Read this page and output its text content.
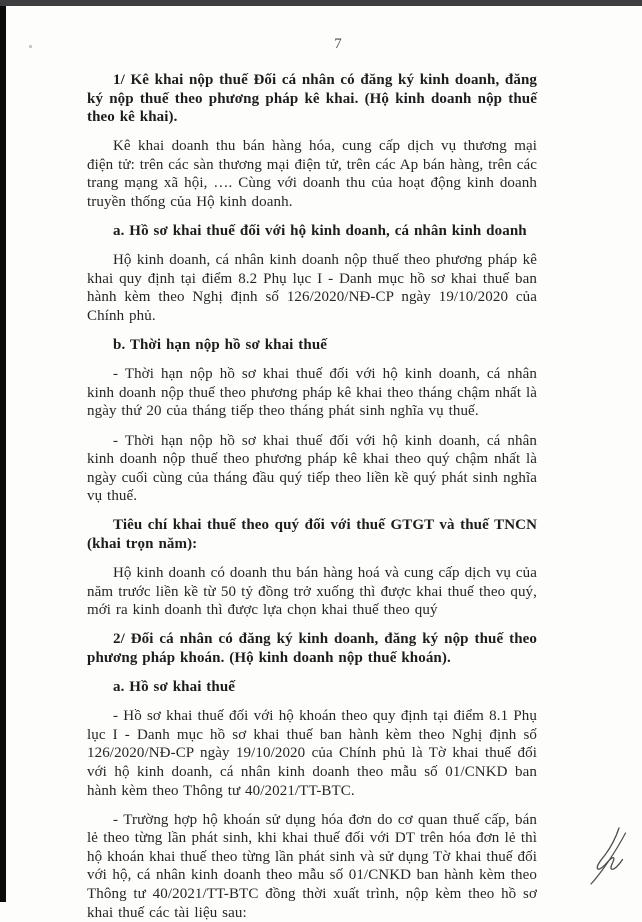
7

1/ Kê khai nộp thuế Đối cá nhân có đăng ký kinh doanh, đăng ký nộp thuế theo phương pháp kê khai. (Hộ kinh doanh nộp thuế theo kê khai).

Kê khai doanh thu bán hàng hóa, cung cấp dịch vụ thương mại điện tử: trên các sàn thương mại điện tử, trên các Ap bán hàng, trên các trang mạng xã hội, …. Cùng với doanh thu của hoạt động kinh doanh truyền thống của Hộ kinh doanh.

a. Hồ sơ khai thuế đối với hộ kinh doanh, cá nhân kinh doanh

Hộ kinh doanh, cá nhân kinh doanh nộp thuế theo phương pháp kê khai quy định tại điểm 8.2 Phụ lục I - Danh mục hồ sơ khai thuế ban hành kèm theo Nghị định số 126/2020/NĐ-CP ngày 19/10/2020 của Chính phủ.

b. Thời hạn nộp hồ sơ khai thuế

- Thời hạn nộp hồ sơ khai thuế đối với hộ kinh doanh, cá nhân kinh doanh nộp thuế theo phương pháp kê khai theo tháng chậm nhất là ngày thứ 20 của tháng tiếp theo tháng phát sinh nghĩa vụ thuế.

- Thời hạn nộp hồ sơ khai thuế đối với hộ kinh doanh, cá nhân kinh doanh nộp thuế theo phương pháp kê khai theo quý chậm nhất là ngày cuối cùng của tháng đầu quý tiếp theo liền kề quý phát sinh nghĩa vụ thuế.

Tiêu chí khai thuế theo quý đối với thuế GTGT và thuế TNCN (khai trọn năm):

Hộ kinh doanh có doanh thu bán hàng hoá và cung cấp dịch vụ của năm trước liền kề từ 50 tỷ đồng trở xuống thì được khai thuế theo quý, mới ra kinh doanh thì được lựa chọn khai thuế theo quý

2/ Đối cá nhân có đăng ký kinh doanh, đăng ký nộp thuế theo phương pháp khoán. (Hộ kinh doanh nộp thuế khoán).

a. Hồ sơ khai thuế

- Hồ sơ khai thuế đối với hộ khoán theo quy định tại điểm 8.1 Phụ lục I - Danh mục hồ sơ khai thuế ban hành kèm theo Nghị định số 126/2020/NĐ-CP ngày 19/10/2020 của Chính phủ là Tờ khai thuế đối với hộ kinh doanh, cá nhân kinh doanh theo mẫu số 01/CNKD ban hành kèm theo Thông tư 40/2021/TT-BTC.

- Trường hợp hộ khoán sử dụng hóa đơn do cơ quan thuế cấp, bán lẻ theo từng lần phát sinh, khi khai thuế đối với DT trên hóa đơn lẻ thì hộ khoán khai thuế theo từng lần phát sinh và sử dụng Tờ khai thuế đối với hộ, cá nhân kinh doanh theo mẫu số 01/CNKD ban hành kèm theo Thông tư 40/2021/TT-BTC đồng thời xuất trình, nộp kèm theo hồ sơ khai thuế các tài liệu sau:
